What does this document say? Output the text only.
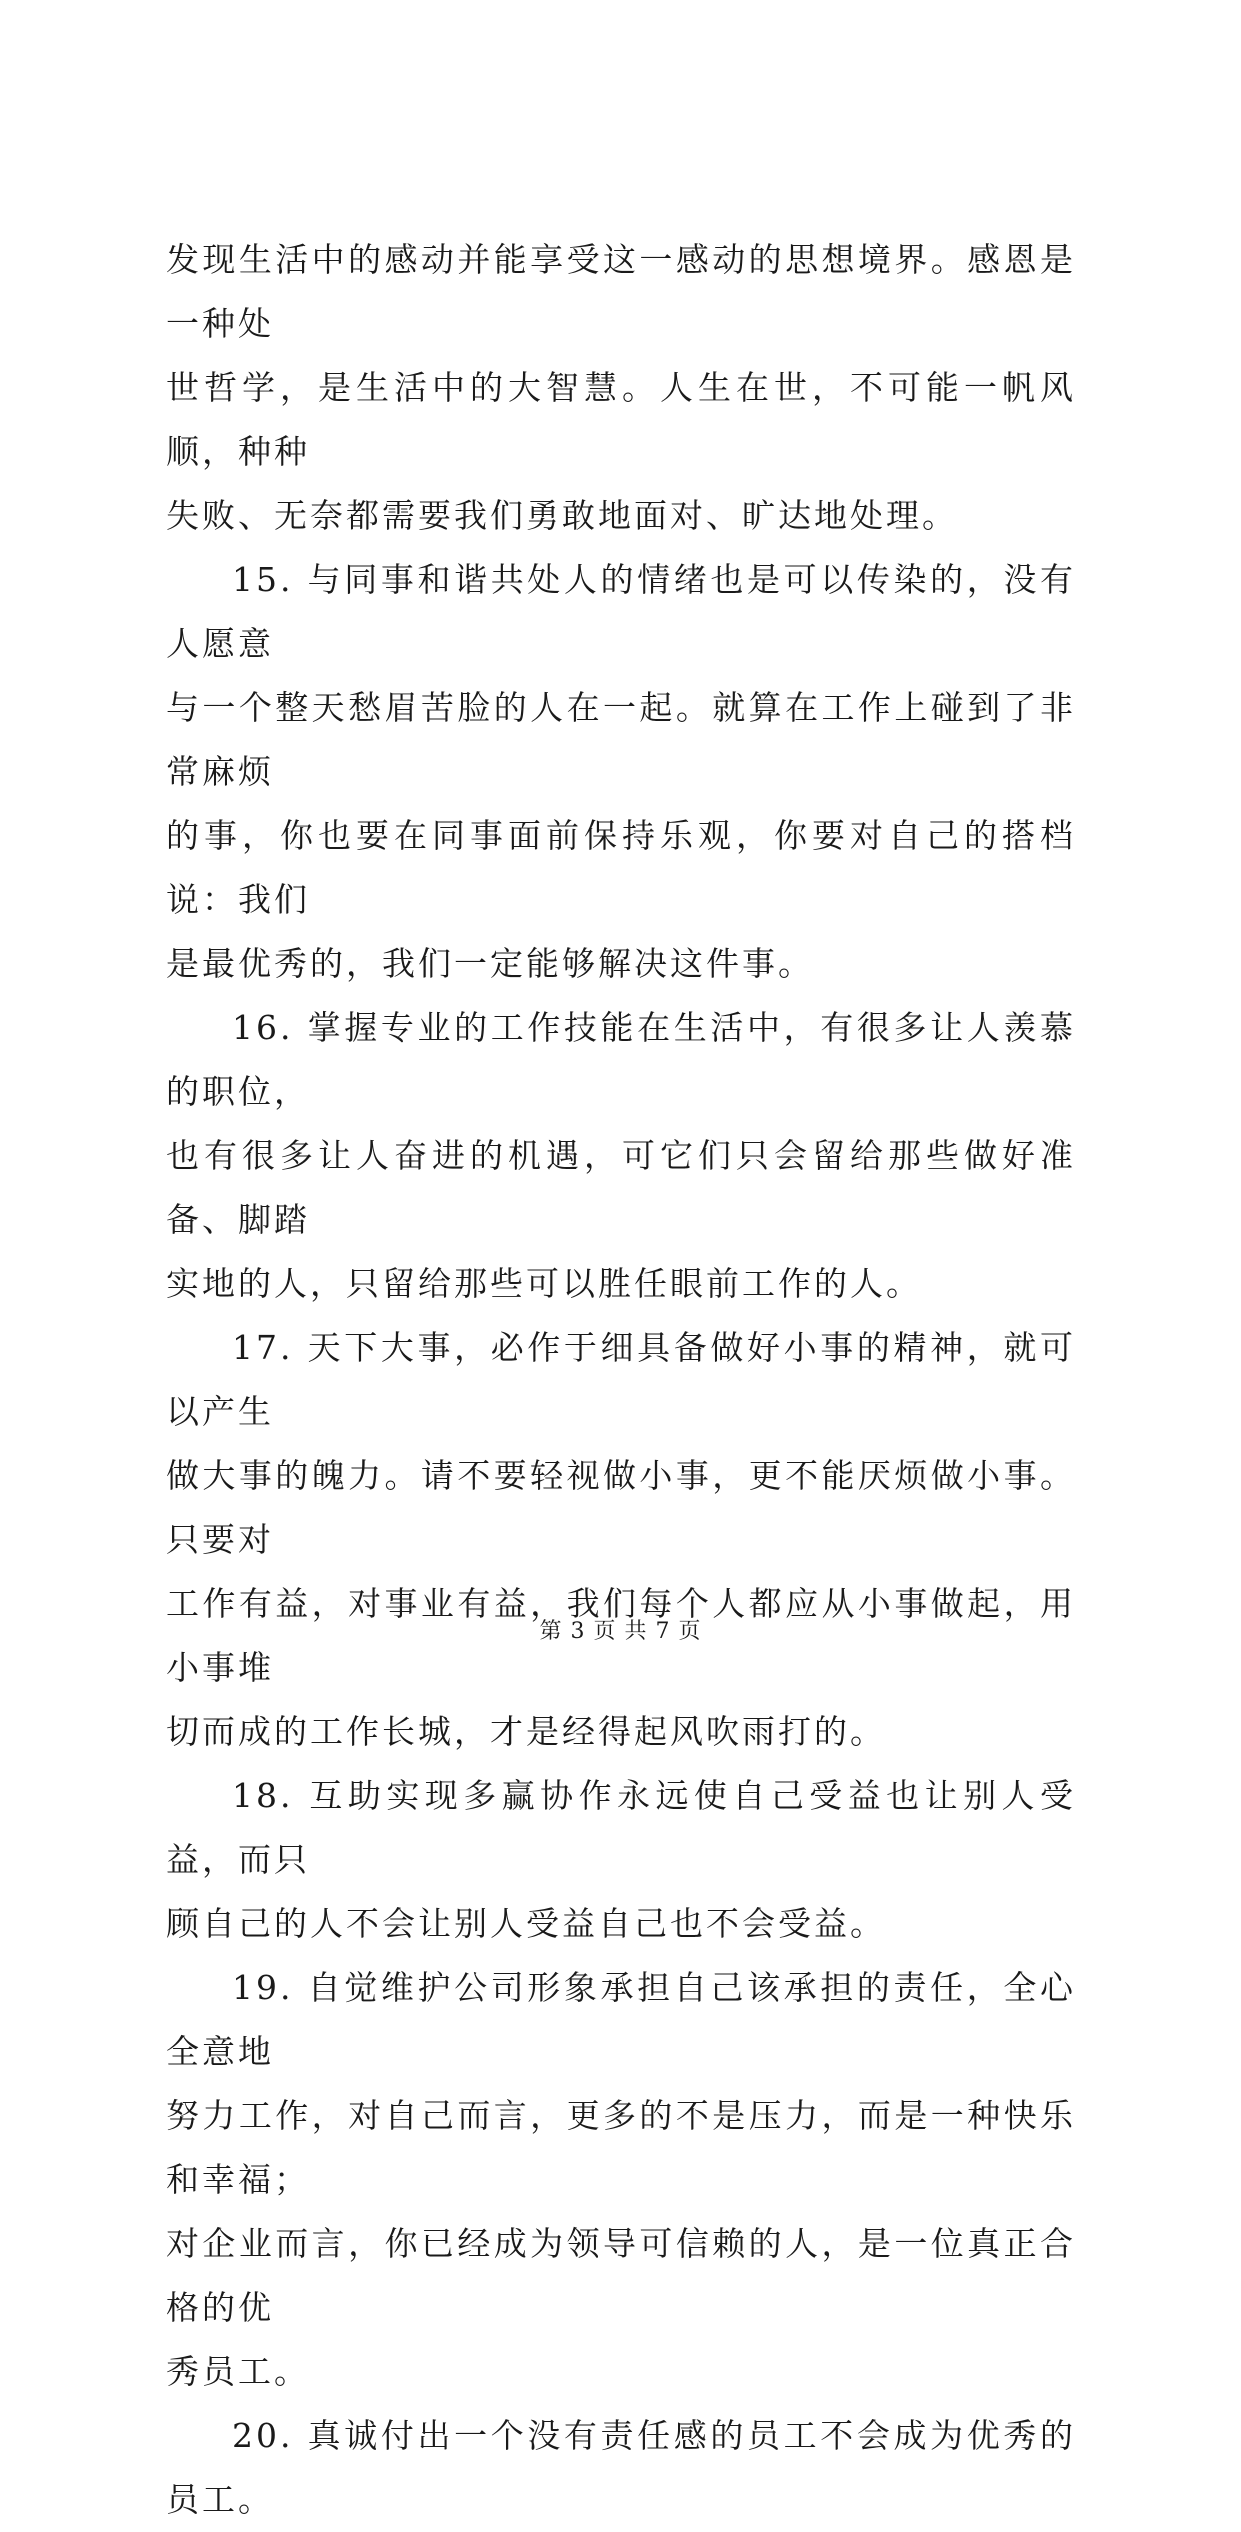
发现生活中的感动并能享受这一感动的思想境界。感恩是一种处
世哲学，是生活中的大智慧。人生在世，不可能一帆风顺，种种
失败、无奈都需要我们勇敢地面对、旷达地处理。

15. 与同事和谐共处人的情绪也是可以传染的，没有人愿意
与一个整天愁眉苦脸的人在一起。就算在工作上碰到了非常麻烦
的事，你也要在同事面前保持乐观，你要对自己的搭档说：我们
是最优秀的，我们一定能够解决这件事。

16. 掌握专业的工作技能在生活中，有很多让人羡慕的职位，
也有很多让人奋进的机遇，可它们只会留给那些做好准备、脚踏
实地的人，只留给那些可以胜任眼前工作的人。

17. 天下大事，必作于细具备做好小事的精神，就可以产生
做大事的魄力。请不要轻视做小事，更不能厌烦做小事。只要对
工作有益，对事业有益，我们每个人都应从小事做起，用小事堆
切而成的工作长城，才是经得起风吹雨打的。

18. 互助实现多赢协作永远使自己受益也让别人受益，而只
顾自己的人不会让别人受益自己也不会受益。

19. 自觉维护公司形象承担自己该承担的责任，全心全意地
努力工作，对自己而言，更多的不是压力，而是一种快乐和幸福；
对企业而言，你已经成为领导可信赖的人，是一位真正合格的优
秀员工。

20. 真诚付出一个没有责任感的员工不会成为优秀的员工。

第 3 页 共 7 页
